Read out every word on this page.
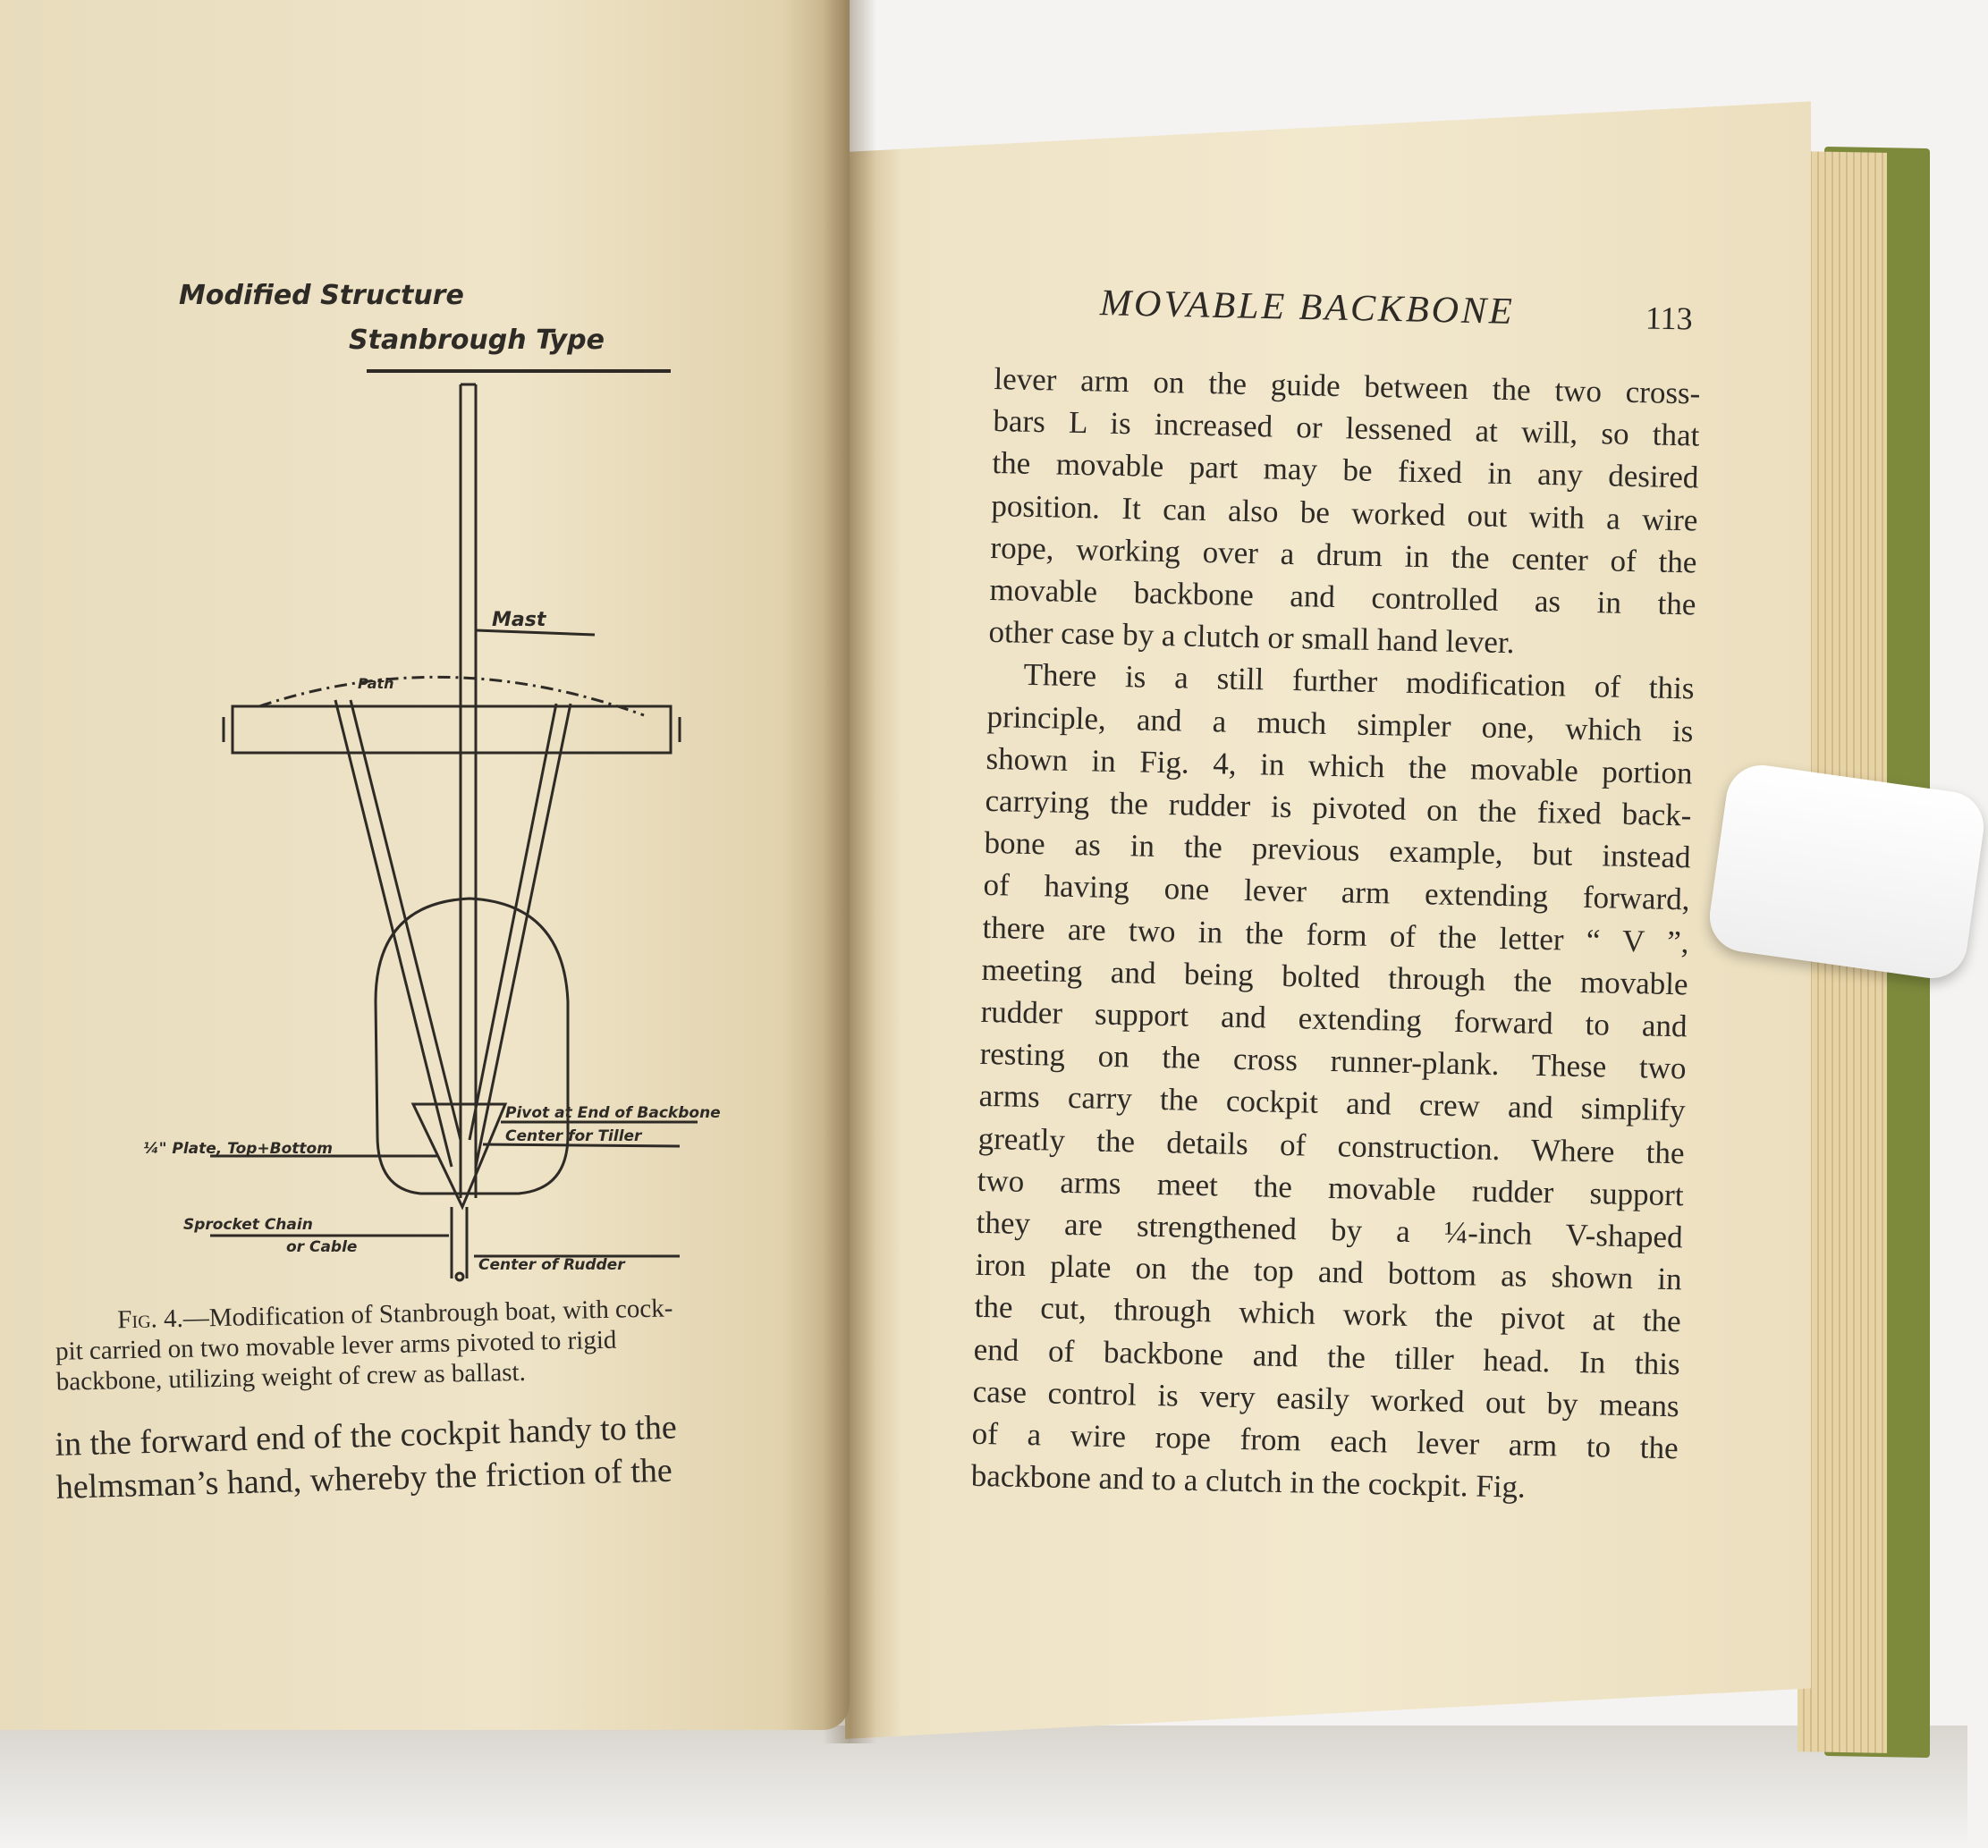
Modified Structure
Stanbrough Type
Mast
Path
Pivot at End of Backbone
Center for Tiller
¼" Plate, Top+Bottom
Sprocket Chain
or Cable
Center of Rudder
Fig. 4.—Modification of Stanbrough boat, with cock-
pit carried on two movable lever arms pivoted to rigid
backbone, utilizing weight of crew as ballast.
in the forward end of the cockpit handy to the
helmsman’s hand, whereby the friction of the
MOVABLE BACKBONE	113
lever arm on the guide between the two cross-
bars L is increased or lessened at will, so that
the movable part may be fixed in any desired
position. It can also be worked out with a wire
rope, working over a drum in the center of the
movable backbone and controlled as in the
other case by a clutch or small hand lever.
There is a still further modification of this
principle, and a much simpler one, which is
shown in Fig. 4, in which the movable portion
carrying the rudder is pivoted on the fixed back-
bone as in the previous example, but instead
of having one lever arm extending forward,
there are two in the form of the letter “ V ”,
meeting and being bolted through the movable
rudder support and extending forward to and
resting on the cross runner-plank. These two
arms carry the cockpit and crew and simplify
greatly the details of construction. Where the
two arms meet the movable rudder support
they are strengthened by a ¼-inch V-shaped
iron plate on the top and bottom as shown in
the cut, through which work the pivot at the
end of backbone and the tiller head. In this
case control is very easily worked out by means
of a wire rope from each lever arm to the
backbone and to a clutch in the cockpit. Fig.
